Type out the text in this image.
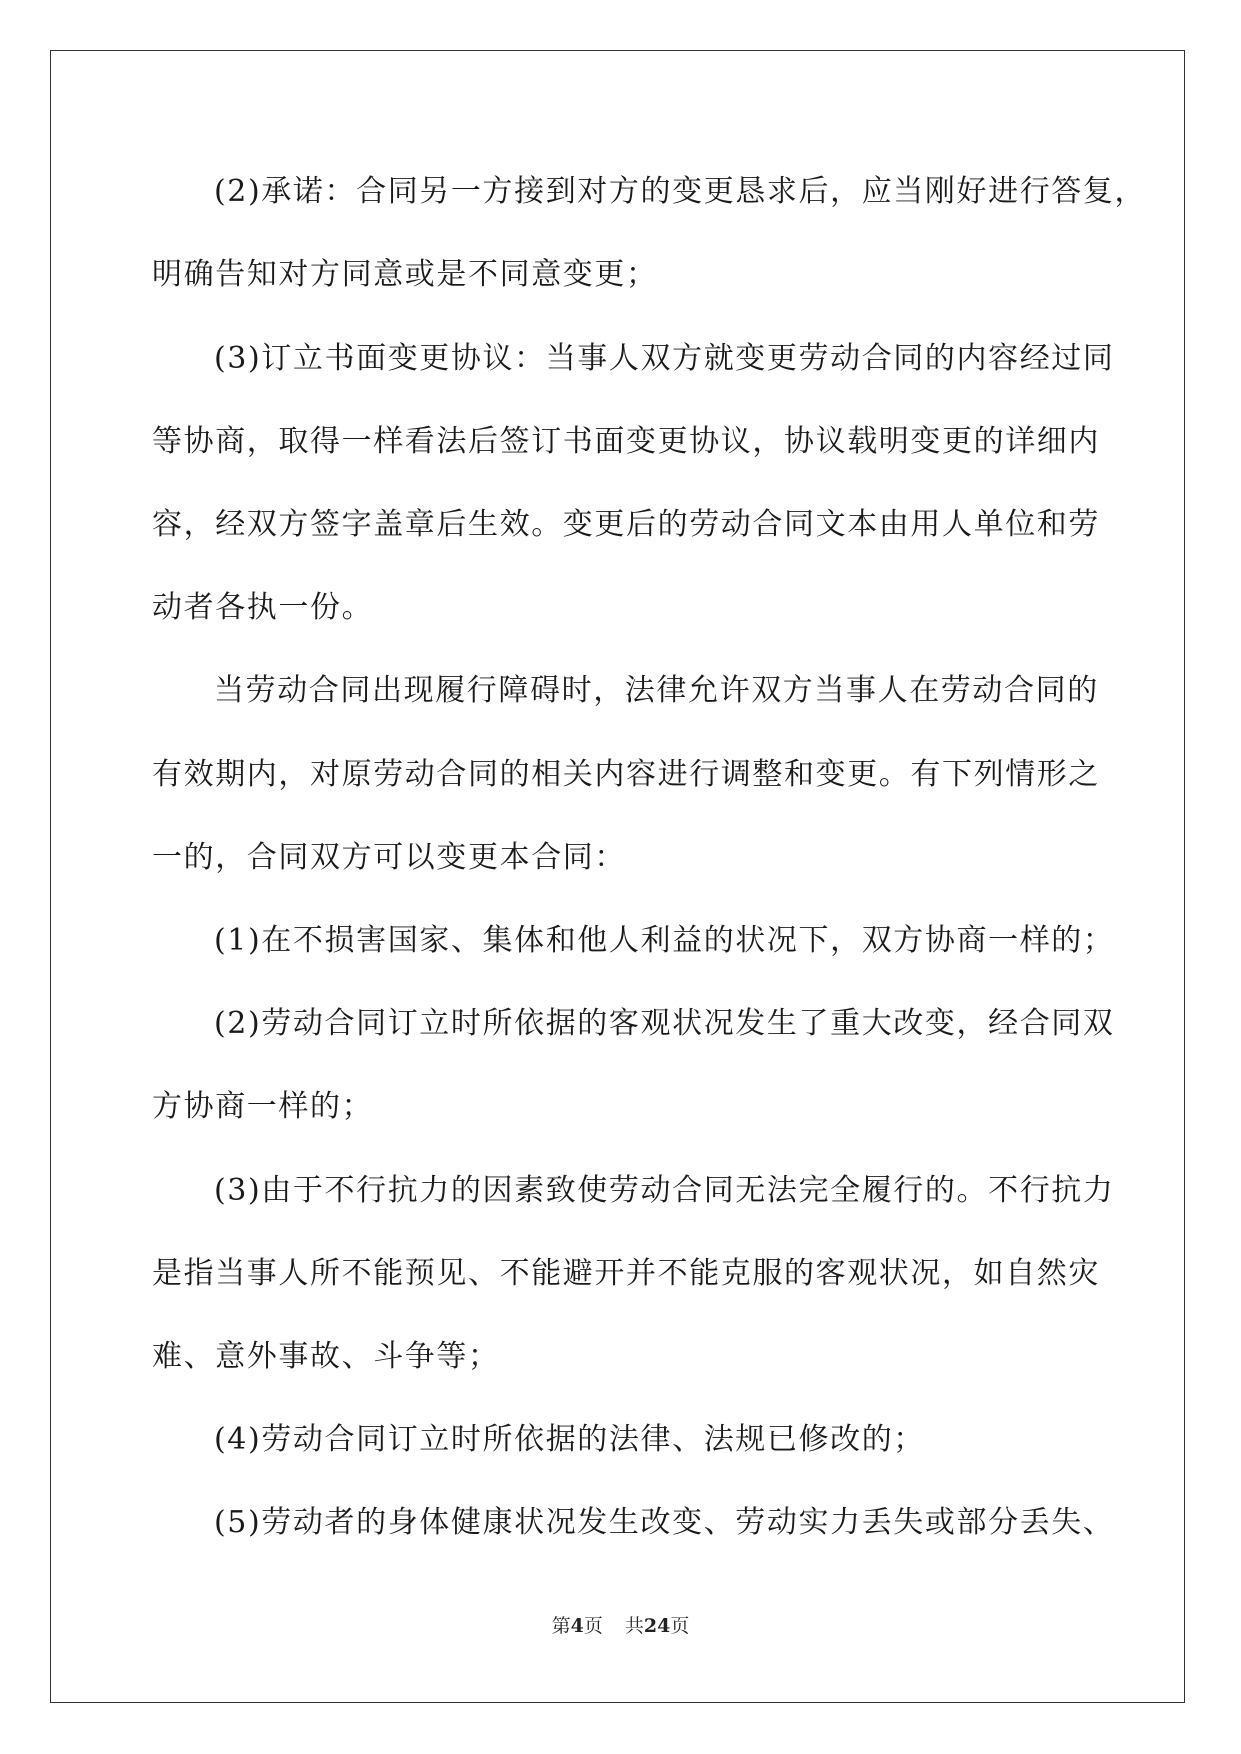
(2)承诺：合同另一方接到对方的变更恳求后，应当刚好进行答复，
明确告知对方同意或是不同意变更；
(3)订立书面变更协议：当事人双方就变更劳动合同的内容经过同
等协商，取得一样看法后签订书面变更协议，协议载明变更的详细内
容，经双方签字盖章后生效。变更后的劳动合同文本由用人单位和劳
动者各执一份。
当劳动合同出现履行障碍时，法律允许双方当事人在劳动合同的
有效期内，对原劳动合同的相关内容进行调整和变更。有下列情形之
一的，合同双方可以变更本合同：
(1)在不损害国家、集体和他人利益的状况下，双方协商一样的；
(2)劳动合同订立时所依据的客观状况发生了重大改变，经合同双
方协商一样的；
(3)由于不行抗力的因素致使劳动合同无法完全履行的。不行抗力
是指当事人所不能预见、不能避开并不能克服的客观状况，如自然灾
难、意外事故、斗争等；
(4)劳动合同订立时所依据的法律、法规已修改的；
(5)劳动者的身体健康状况发生改变、劳动实力丢失或部分丢失、
第4页 共24页
